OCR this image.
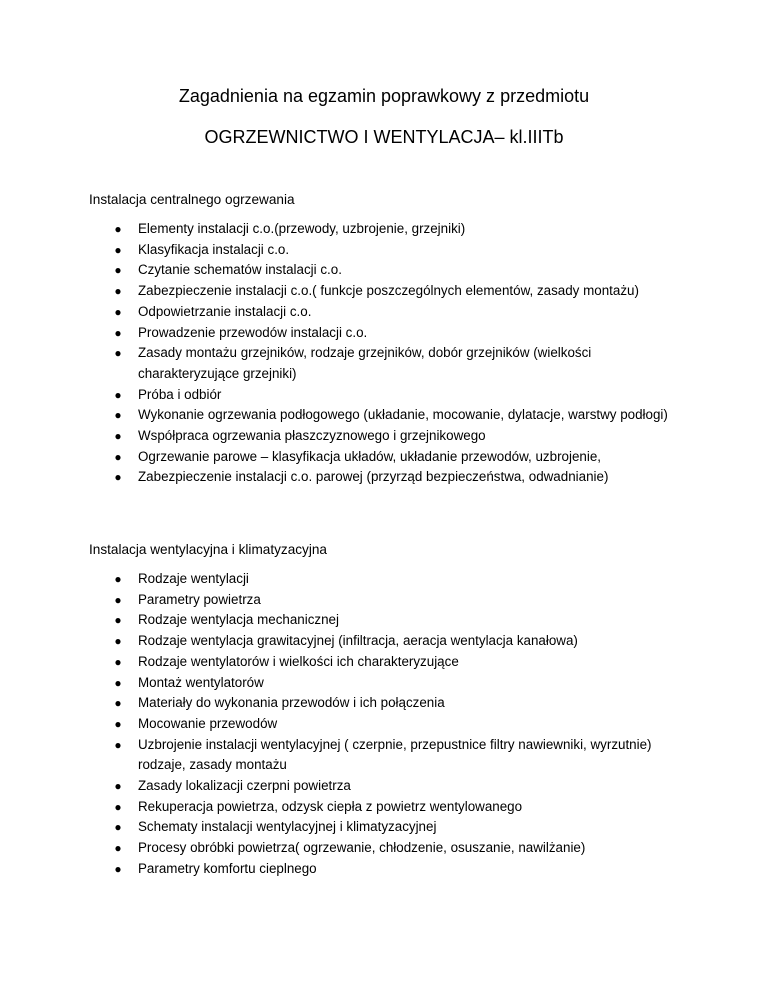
Zagadnienia na egzamin poprawkowy z przedmiotu
OGRZEWNICTWO I WENTYLACJA– kl.IIITb
Instalacja centralnego ogrzewania
● Elementy instalacji c.o.(przewody, uzbrojenie, grzejniki)
● Klasyfikacja instalacji c.o.
● Czytanie schematów instalacji c.o.
● Zabezpieczenie instalacji c.o.( funkcje poszczególnych elementów, zasady montażu)
● Odpowietrzanie instalacji c.o.
● Prowadzenie przewodów instalacji c.o.
● Zasady montażu grzejników, rodzaje grzejników, dobór grzejników (wielkości charakteryzujące grzejniki)
● Próba i odbiór
● Wykonanie ogrzewania podłogowego (układanie, mocowanie, dylatacje, warstwy podłogi)
● Współpraca ogrzewania płaszczyznowego i grzejnikowego
● Ogrzewanie parowe – klasyfikacja układów, układanie przewodów, uzbrojenie,
● Zabezpieczenie instalacji c.o. parowej (przyrząd bezpieczeństwa, odwadnianie)
Instalacja wentylacyjna i klimatyzacyjna
● Rodzaje wentylacji
● Parametry powietrza
● Rodzaje wentylacja mechanicznej
● Rodzaje wentylacja grawitacyjnej (infiltracja, aeracja wentylacja kanałowa)
● Rodzaje wentylatorów i wielkości ich charakteryzujące
● Montaż wentylatorów
● Materiały do wykonania przewodów i ich połączenia
● Mocowanie przewodów
● Uzbrojenie instalacji wentylacyjnej ( czerpnie, przepustnice filtry nawiewniki, wyrzutnie) rodzaje, zasady montażu
● Zasady lokalizacji czerpni powietrza
● Rekuperacja powietrza, odzysk ciepła z powietrz wentylowanego
● Schematy instalacji wentylacyjnej i klimatyzacyjnej
● Procesy obróbki powietrza( ogrzewanie, chłodzenie, osuszanie, nawilżanie)
● Parametry komfortu cieplnego
